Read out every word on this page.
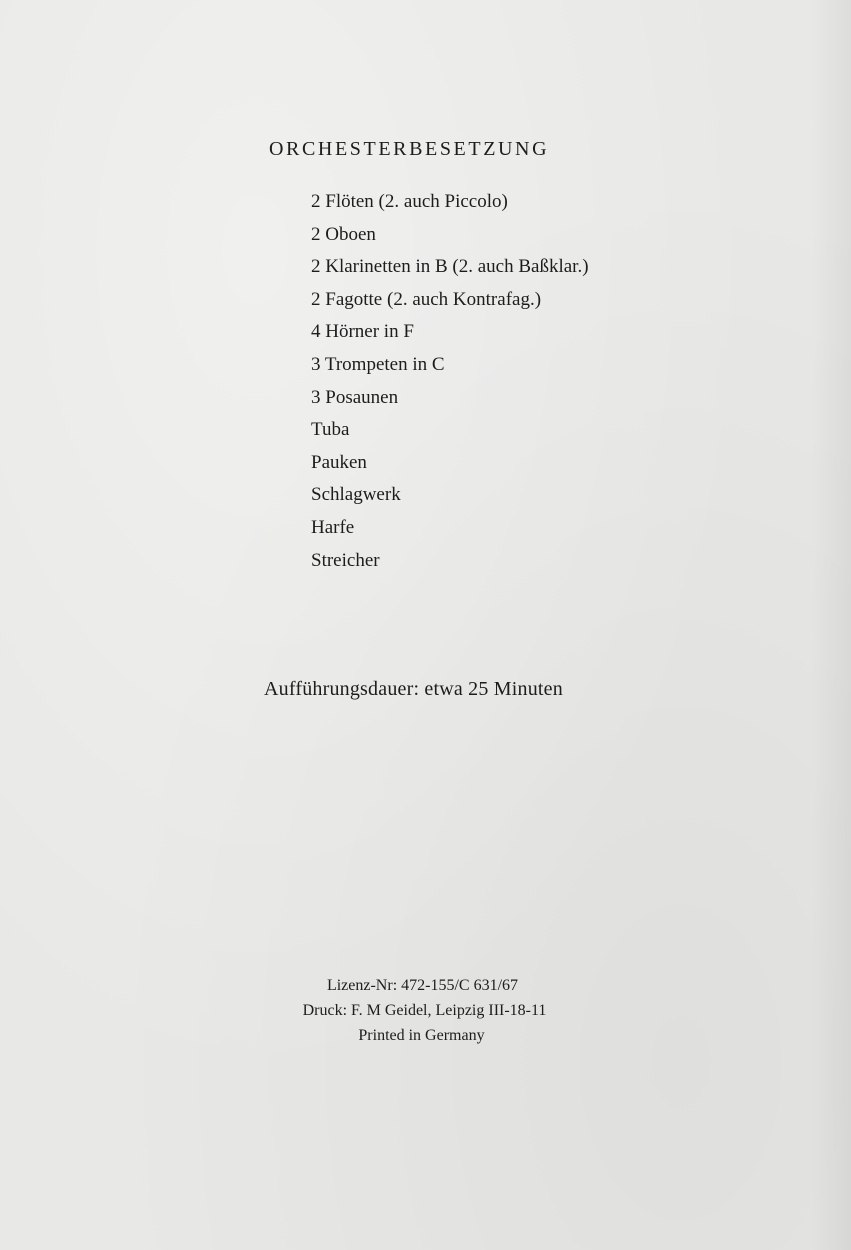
ORCHESTERBESETZUNG
2 Flöten (2. auch Piccolo)
2 Oboen
2 Klarinetten in B (2. auch Baßklar.)
2 Fagotte (2. auch Kontrafag.)
4 Hörner in F
3 Trompeten in C
3 Posaunen
Tuba
Pauken
Schlagwerk
Harfe
Streicher
Aufführungsdauer: etwa 25 Minuten
Lizenz-Nr: 472-155/C 631/67
Druck: F. M Geidel, Leipzig III-18-11
Printed in Germany
